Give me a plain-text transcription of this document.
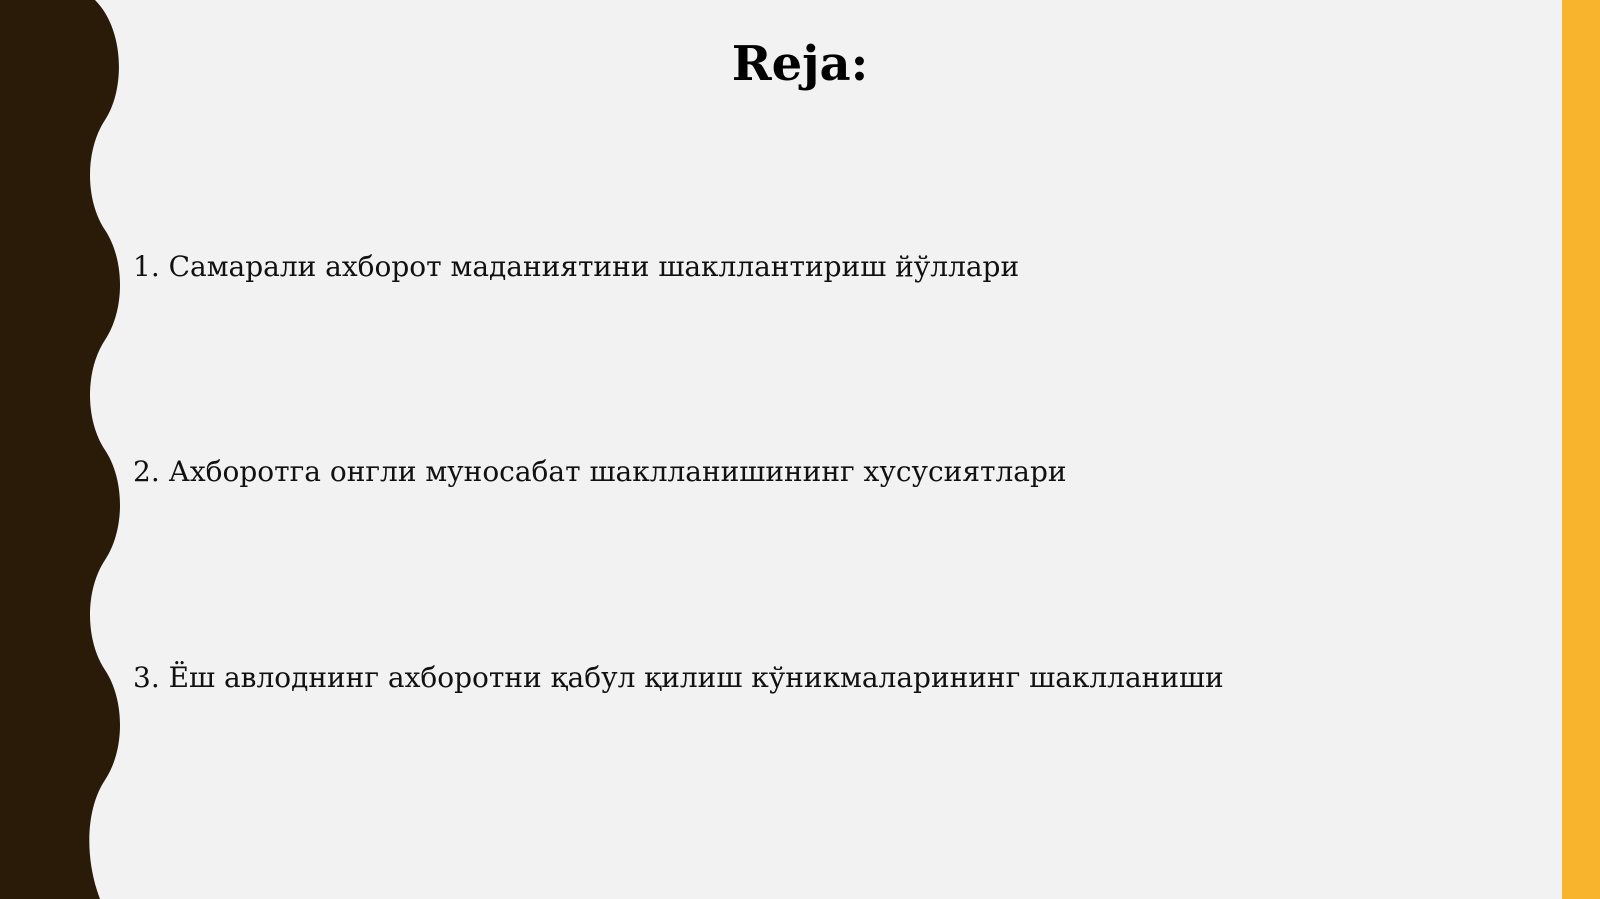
Reja:

1. Самарали ахборот маданиятини шакллантириш йўллари

2. Ахборотга онгли муносабат шаклланишининг хусусиятлари

3. Ёш авлоднинг ахборотни қабул қилиш кўникмаларининг шаклланиши
